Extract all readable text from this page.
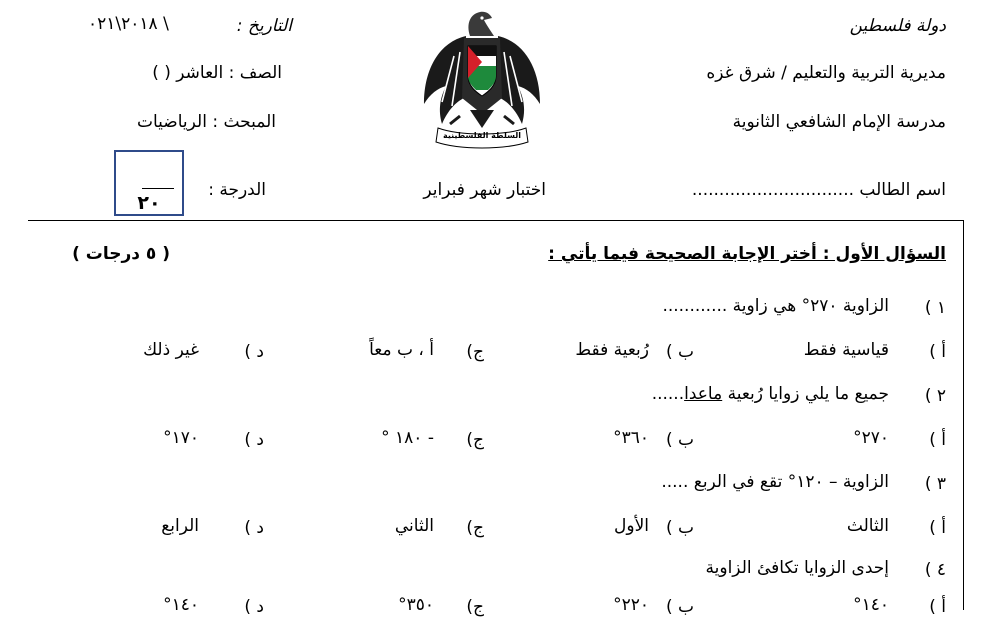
دولة فلسطين
مديرية التربية والتعليم / شرق غزه
مدرسة الإمام الشافعي الثانوية
اسم الطالب ..............................
التاريخ :
٢٠١٨\٠٢١ \
الصف : العاشر ( )
المبحث : الرياضيات
الدرجة :
٢٠
السلطة الفلسطينية
اختبار شهر فبراير
السؤال الأول : أختر الإجابة الصحيحة فيما يأتي :
( ٥ درجات )
١ )
الزاوية ٢٧٠° هي زاوية ............
أ )
قياسية فقط
ب )
رُبعية فقط
ج)
أ ، ب معاً
د )
غير ذلك
٢ )
جميع ما يلي زوايا رُبعية ماعدا......
أ )
٢٧٠°
ب )
٣٦٠°
ج)
- ١٨٠ °
د )
١٧٠°
٣ )
الزاوية – ١٢٠° تقع في الربع .....
أ )
الثالث
ب )
الأول
ج)
الثاني
د )
الرابع
٤ )
إحدى الزوايا تكافئ الزاوية
أ )
١٤٠°
ب )
٢٢٠°
ج)
٣٥٠°
د )
١٤٠°
